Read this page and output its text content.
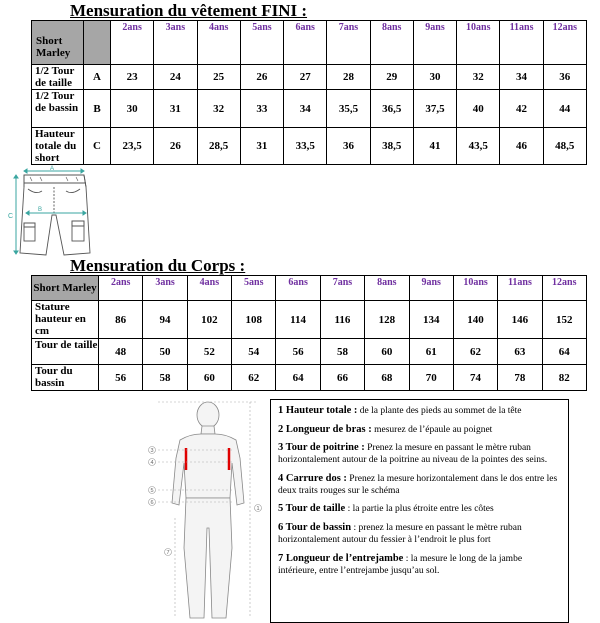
Mensuration du vêtement FINI :
Short Marley		2ans	3ans	4ans	5ans	6ans	7ans	8ans	9ans	10ans	11ans	12ans
1/2 Tour de taille	A	23	24	25	26	27	28	29	30	32	34	36
1/2 Tour de bassin	B	30	31	32	33	34	35,5	36,5	37,5	40	42	44
Hauteur totale du short	C	23,5	26	28,5	31	33,5	36	38,5	41	43,5	46	48,5
A
B
C
Mensuration du Corps :
Short Marley	2ans	3ans	4ans	5ans	6ans	7ans	8ans	9ans	10ans	11ans	12ans
Stature hauteur en cm	86	94	102	108	114	116	128	134	140	146	152
Tour de taille	48	50	52	54	56	58	60	61	62	63	64
Tour du bassin	56	58	60	62	64	66	68	70	74	78	82
3
4
5
6
7
1

1 Hauteur totale : de la plante des pieds au sommet de la tête

2 Longueur de bras : mesurez de l’épaule au poignet

3 Tour de poitrine : Prenez la mesure en passant le mètre ruban horizontalement autour de la poitrine au niveau de la pointes des seins.

4 Carrure dos : Prenez la mesure horizontalement dans le dos entre les deux traits rouges sur le schéma

5 Tour de taille : la partie la plus étroite entre les côtes

6 Tour de bassin : prenez la mesure en passant le mètre ruban horizontalement autour du fessier à l’endroit le plus fort

7 Longueur de l’entrejambe : la mesure le long de la jambe intérieure, entre l’entrejambe jusqu’au sol.
